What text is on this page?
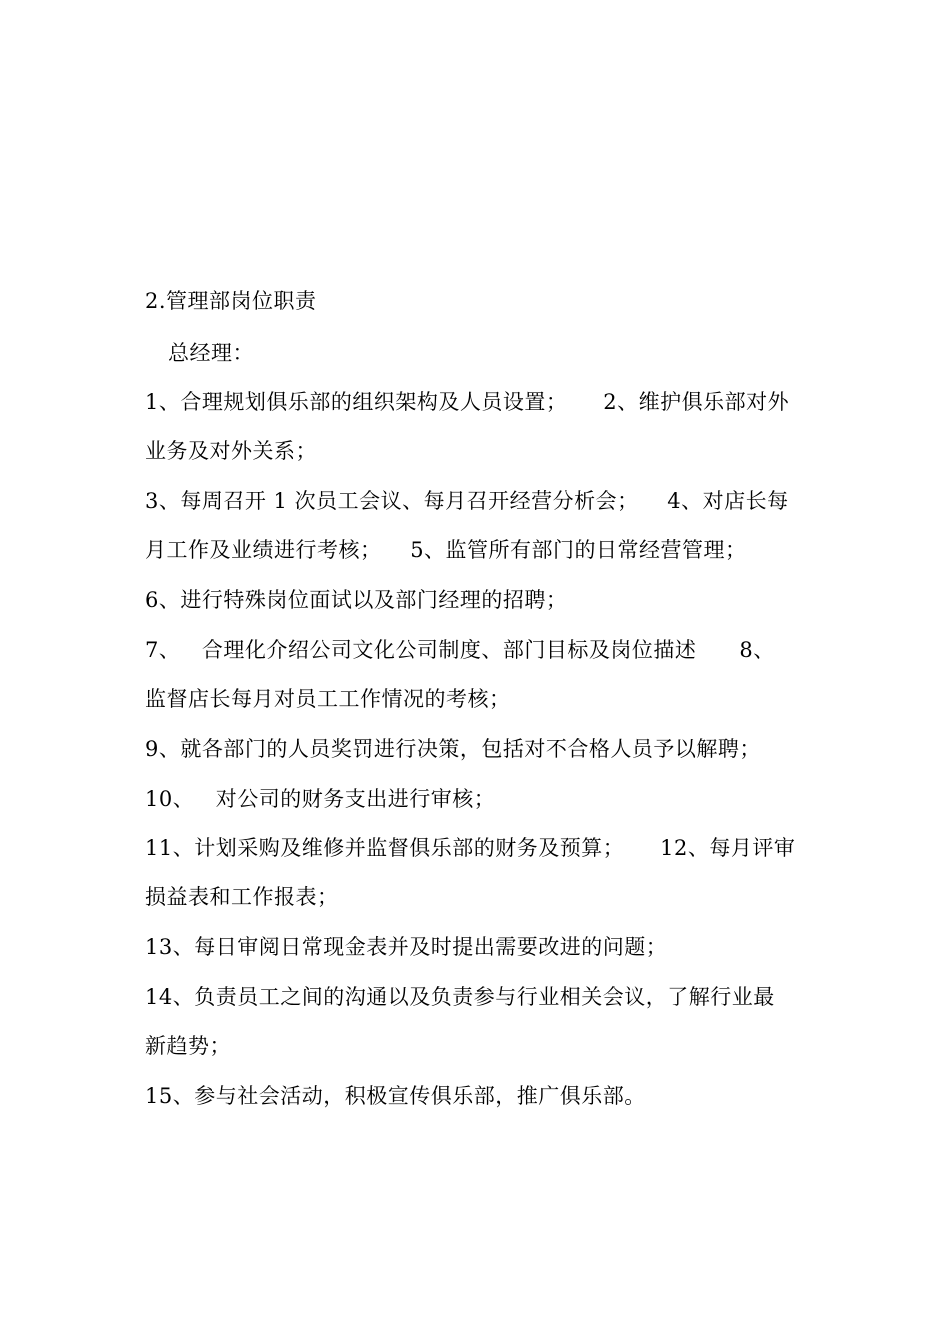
2.管理部岗位职责
总经理：
1、合理规划俱乐部的组织架构及人员设置；     2、维护俱乐部对外
业务及对外关系；
3、每周召开 1 次员工会议、每月召开经营分析会；    4、对店长每
月工作及业绩进行考核；    5、监管所有部门的日常经营管理；
6、进行特殊岗位面试以及部门经理的招聘；
7、   合理化介绍公司文化公司制度、部门目标及岗位描述      8、
监督店长每月对员工工作情况的考核；
9、就各部门的人员奖罚进行决策，包括对不合格人员予以解聘；
10、   对公司的财务支出进行审核；
11、计划采购及维修并监督俱乐部的财务及预算；     12、每月评审
损益表和工作报表；
13、每日审阅日常现金表并及时提出需要改进的问题；
14、负责员工之间的沟通以及负责参与行业相关会议，了解行业最
新趋势；
15、参与社会活动，积极宣传俱乐部，推广俱乐部。
